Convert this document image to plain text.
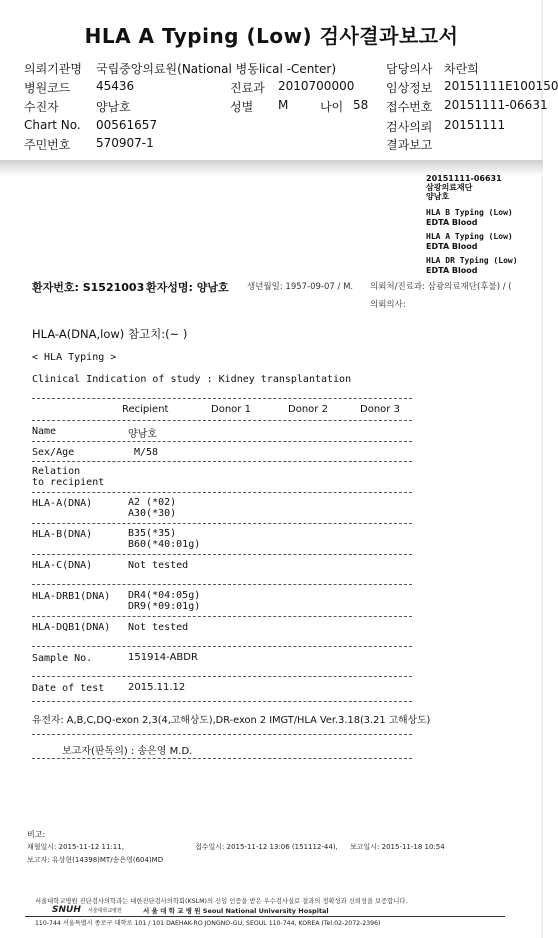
HLA A Typing (Low) 검사결과보고서
의뢰기관명 국립중앙의료원(National 병동lical -Center)	담당의사 차란희
병원코드 45436	진료과 2010700000	임상정보 20151111E100150
수진자	양남호	성별 M	나이 58 접수번호 20151111-06631
Chart No. 00561657	검사의뢰 20151111
주민번호 570907-1	결과보고
20151111-06631
삼광의료재단
양남호
HLA B Typing (Low)
EDTA Blood
HLA A Typing (Low)
EDTA Blood
HLA DR Typing (Low)
EDTA Blood
환자번호: S1521003 환자성명: 양남호 생년월일: 1957-09-07 / M. 의뢰처/진료과: 삼광의료재단(후불) / (
의뢰의사:
HLA-A(DNA,low) 참고치:(~ )
< HLA Typing >
Clinical Indication of study : Kidney transplantation
Recipient	Donor 1	Donor 2	Donor 3
Name	양남호
Sex/Age	M/58
Relation
to recipient
HLA-A(DNA)	A2 (*02)
A30(*30)
HLA-B(DNA)	B35(*35)
B60(*40:01g)
HLA-C(DNA)	Not tested
HLA-DRB1(DNA) DR4(*04:05g)
DR9(*09:01g)
HLA-DQB1(DNA) Not tested
Sample No.	151914-ABDR
Date of test 2015.11.12
유전자: A,B,C,DQ-exon 2,3(4,고해상도),DR-exon 2 IMGT/HLA Ver.3.18(3.21 고해상도)
보고자(판독의) : 송은영 M.D.
비고:
채혈일시: 2015-11-12 11:11,	접수일시: 2015-11-12 13:06 (151112-44), 보고일시: 2015-11-18 10:54
보고자: 유상현(14398)MT/송은영(604)MD
서울대학교병원 진단검사의학과는 대한진단검사의학회(KSLM)의 신임 인증을 받은 우수검사실로 결과의 정확성과 신뢰성을 보증합니다.
SNUH 서울대학교병원	서 울 대 학 교 병 원 Seoul National University Hospital
110-744 서울특별시 종로구 대학로 101 / 101 DAEHAK-RO JONGNO-GU, SEOUL 110-744, KOREA (Tel:02-2072-2396)
